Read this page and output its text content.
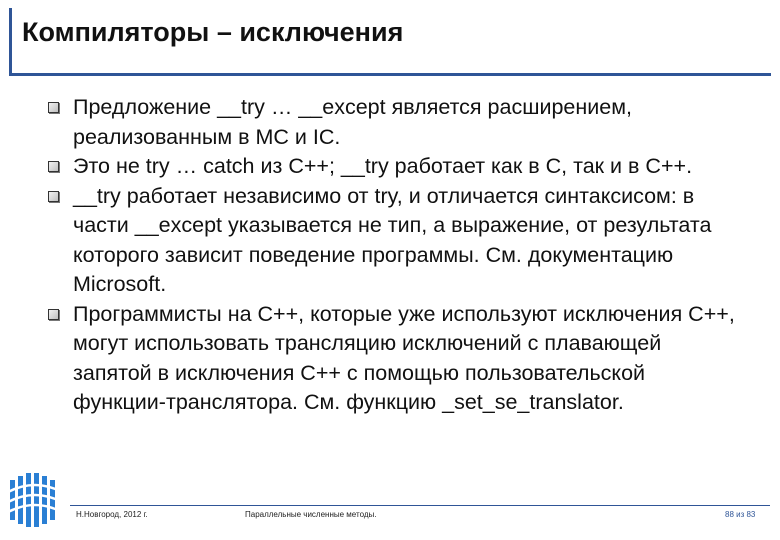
Компиляторы – исключения
Предложение __try … __except является расширением, реализованным в MC и IC.
Это не try … catch из C++; __try работает как в C, так и в C++.
__try работает независимо от try, и отличается синтаксисом: в части __except указывается не тип, а выражение, от результата которого зависит поведение программы. См. документацию Microsoft.
Программисты на C++, которые уже используют исключения C++, могут использовать трансляцию исключений с плавающей запятой в исключения C++ с помощью пользовательской функции-транслятора. См. функцию _set_se_translator.
Н.Новгород, 2012 г.	Параллельные численные методы.	88 из 83
